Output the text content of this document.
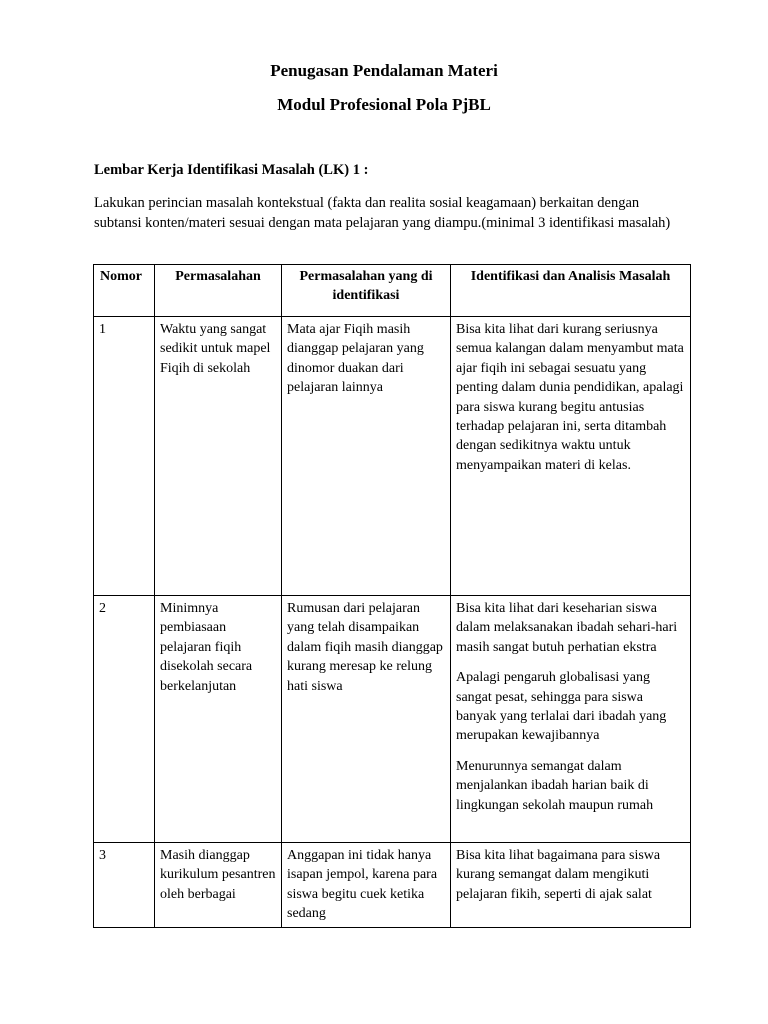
Penugasan Pendalaman Materi
Modul Profesional Pola PjBL

Lembar Kerja Identifikasi Masalah (LK) 1 :

Lakukan perincian masalah kontekstual (fakta dan realita sosial keagamaan) berkaitan dengan subtansi konten/materi sesuai dengan mata pelajaran yang diampu.(minimal 3 identifikasi masalah)

Nomor	Permasalahan	Permasalahan yang di identifikasi	Identifikasi dan Analisis Masalah
1	Waktu yang sangat sedikit untuk mapel Fiqih di sekolah	Mata ajar Fiqih masih dianggap pelajaran yang dinomor duakan dari pelajaran lainnya	Bisa kita lihat dari kurang seriusnya semua kalangan dalam menyambut mata ajar fiqih ini sebagai sesuatu yang penting dalam dunia pendidikan, apalagi para siswa kurang begitu antusias terhadap pelajaran ini, serta ditambah dengan sedikitnya waktu untuk menyampaikan materi di kelas.

2	Minimnya pembiasaan pelajaran fiqih disekolah secara berkelanjutan	Rumusan dari pelajaran yang telah disampaikan dalam fiqih masih dianggap kurang meresap ke relung hati siswa	Bisa kita lihat dari keseharian siswa dalam melaksanakan ibadah sehari-hari masih sangat butuh perhatian ekstra

Apalagi pengaruh globalisasi yang sangat pesat, sehingga para siswa banyak yang terlalai dari ibadah yang merupakan kewajibannya

Menurunnya semangat dalam menjalankan ibadah harian baik di lingkungan sekolah maupun rumah

3	Masih dianggap kurikulum pesantren oleh berbagai	Anggapan ini tidak hanya isapan jempol, karena para siswa begitu cuek ketika sedang	Bisa kita lihat bagaimana para siswa kurang semangat dalam mengikuti pelajaran fikih, seperti di ajak salat
